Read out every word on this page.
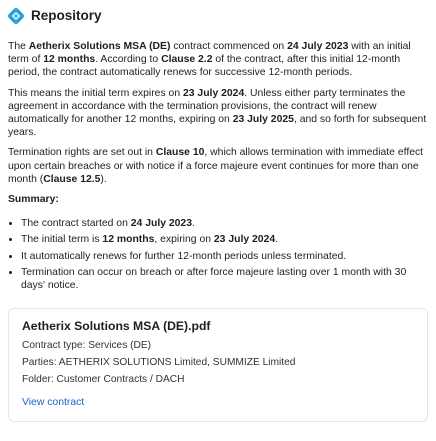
Repository

The Aetherix Solutions MSA (DE) contract commenced on 24 July 2023 with an initial term of 12 months. According to Clause 2.2 of the contract, after this initial 12-month period, the contract automatically renews for successive 12-month periods.

This means the initial term expires on 23 July 2024. Unless either party terminates the agreement in accordance with the termination provisions, the contract will renew automatically for another 12 months, expiring on 23 July 2025, and so forth for subsequent years.

Termination rights are set out in Clause 10, which allows termination with immediate effect upon certain breaches or with notice if a force majeure event continues for more than one month (Clause 12.5).

Summary:
• The contract started on 24 July 2023.
• The initial term is 12 months, expiring on 23 July 2024.
• It automatically renews for further 12-month periods unless terminated.
• Termination can occur on breach or after force majeure lasting over 1 month with 30 days' notice.
Aetherix Solutions MSA (DE).pdf
Contract type: Services (DE)
Parties: AETHERIX SOLUTIONS Limited, SUMMIZE Limited
Folder: Customer Contracts / DACH
View contract
